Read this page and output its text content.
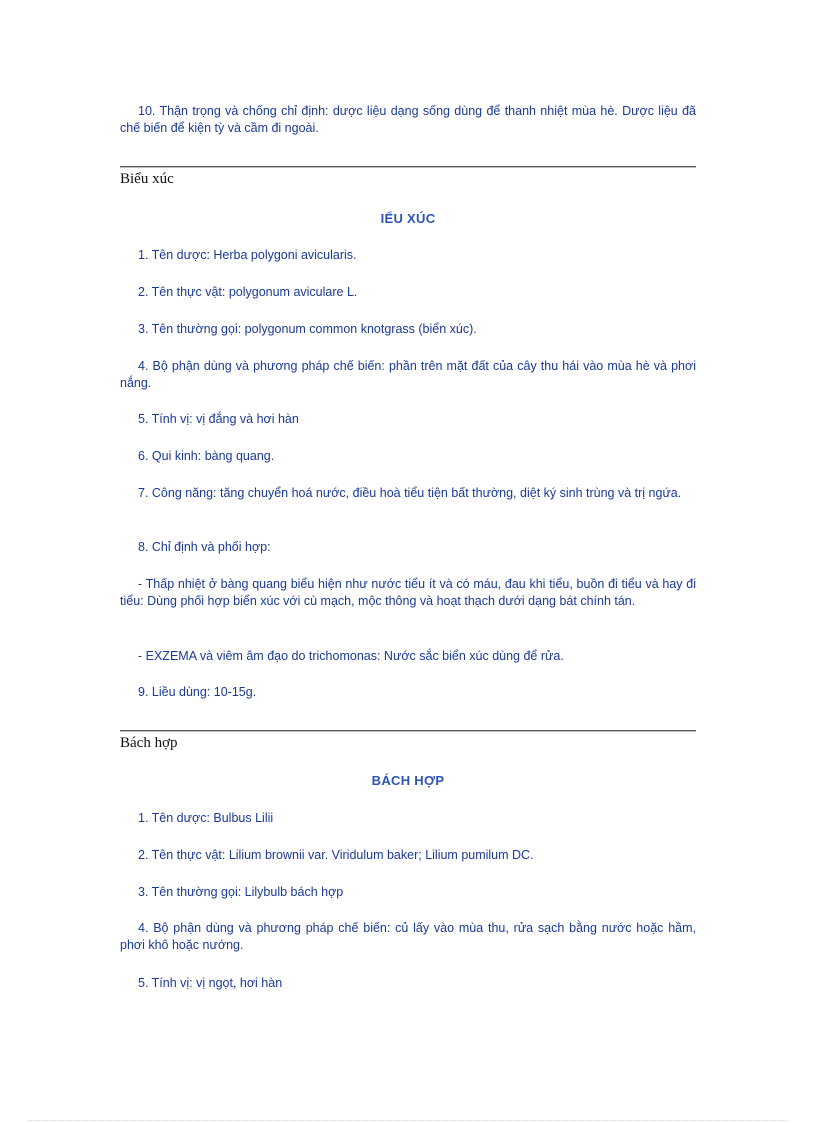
10. Thận trọng và chống chỉ định: dược liệu dạng sống dùng để thanh nhiệt mùa hè. Dược liệu đã chế biến để kiện tỳ và cầm đi ngoài.

Biểu xúc
IỂU XÚC

1. Tên dược: Herba polygoni avicularis.

2. Tên thực vật: polygonum aviculare L.

3. Tên thường gọi: polygonum common knotgrass (biển xúc).

4. Bộ phận dùng và phương pháp chế biến: phần trên mặt đất của cây thu hái vào mùa hè và phơi nắng.

5. Tính vị: vị đắng và hơi hàn

6. Qui kinh: bàng quang.

7. Công năng: tăng chuyển hoá nước, điều hoà tiểu tiện bất thường, diệt ký sinh trùng và trị ngứa.

8. Chỉ định và phối hợp:

- Thấp nhiệt ở bàng quang biểu hiện như nước tiểu ít và có máu, đau khi tiểu, buồn đi tiểu và hay đi tiểu: Dùng phối hợp biển xúc với cù mạch, mộc thông và hoạt thạch dưới dạng bát chính tán.

- EXZEMA và viêm âm đạo do trichomonas: Nước sắc biển xúc dùng để rửa.

9. Liều dùng: 10-15g.

Bách hợp
BÁCH HỢP

1. Tên dược: Bulbus Lilii

2. Tên thực vật: Lilium brownii var. Viridulum baker; Lilium pumilum DC.

3. Tên thường gọi: Lilybulb bách hợp

4. Bộ phận dùng và phương pháp chế biến: củ lấy vào mùa thu, rửa sạch bằng nước hoặc hầm, phơi khô hoặc nướng.

5. Tính vị: vị ngọt, hơi hàn
